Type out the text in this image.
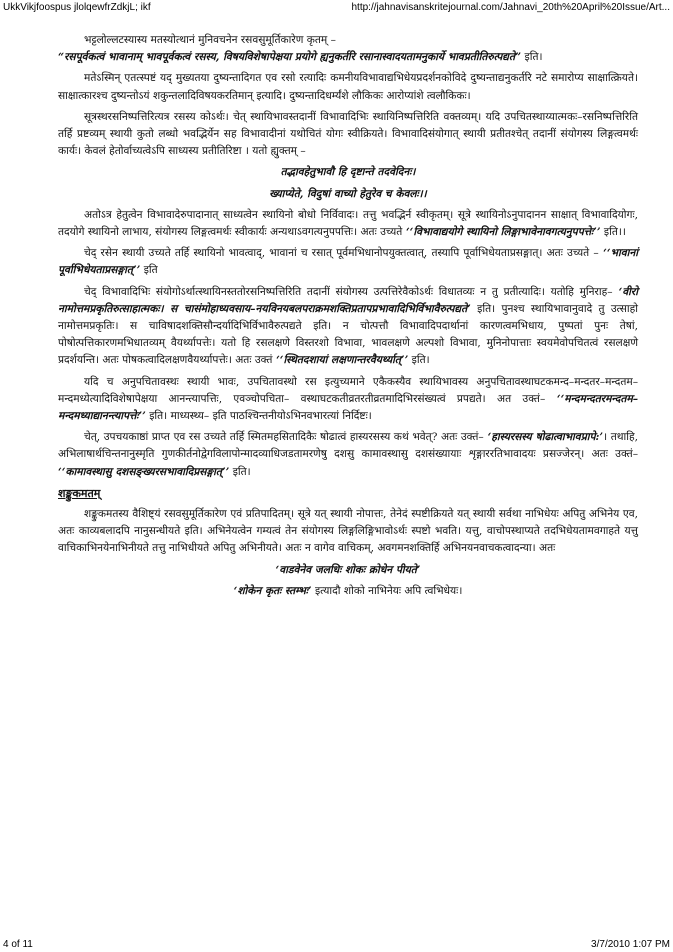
UkkVikjfoospus jlolqewfrZdkjL; ikf	http://jahnavisanskritejournal.com/Jahnavi_20th%20April%20Issue/Art...

भट्टलोल्लटस्यास्य मतस्योत्थानं मुनिवचनेन रसवसुमूर्तिकारेण कृतम् –
“रसपूर्वकत्वं भावानाम् भावपूर्वकत्वं रसस्य, विषयविशेषापेक्षया प्रयोगे ह्यनुकर्तरि रसानास्वादयतामनुकार्ये भावप्रतीतिरुत्पद्यते” इति।

मतेऽस्मिन् एतत्स्पष्टं यद् मुख्यतया दुष्यन्तादिगत एव रसो रत्यादिः कमनीयविभावाद्यभिधेयप्रदर्शनकोविदे दुष्यन्ताद्यनुकर्तरि नटे समारोप्य साक्षात्क्रियते। साक्षात्कारश्च दुष्यन्तोऽयं शकुन्तलादिविषयकरतिमान् इत्यादि। दुष्यन्तादिधर्म्यंशे लौकिकः आरोप्यांशे त्वलौकिकः।

सूत्रस्थरसनिष्पत्तिरित्यत्र रसस्य कोऽर्थः। चेत् स्थायिभावस्तदानीं विभावादिभिः स्थायिनिष्पत्तिरिति वक्तव्यम्। यदि उपचितस्थाय्यात्मकः–रसनिष्पत्तिरिति तर्हि प्रष्टव्यम् स्थायी कुतो लब्धो भवद्भिर्येन सह विभावादीनां यथोचितं योगः स्वीक्रियते। विभावादिसंयोगात् स्थायी प्रतीतश्चेत् तदानीं संयोगस्य लिङ्गत्वमर्थः कार्यः। केवलं हेतोर्वाच्यत्वेऽपि साध्यस्य प्रतीतिरिष्टा । यतो ह्युक्तम् –

तद्भावहेतुभावौ हि दृष्टान्ते तदवेदिनः।
ख्याप्येते, विदुषां वाच्यो हेतुरेव च केवलः।।

अतोऽत्र हेतुत्वेन विभावादेरुपादानात् साध्यत्वेन स्थायिनो बोधो निर्विवादः। तत्तु भवद्भिर्न स्वीकृतम्। सूत्रे स्थायिनोऽनुपादानन साक्षात् विभावादियोगः, तदयोगे स्थायिनो लाभाय, संयोगस्य लिङ्गत्वमर्थः स्वीकार्यः अन्यथाऽवगत्यनुपपत्तिः। अतः उच्यते ‘‘विभावाद्ययोगे स्थायिनो लिङ्गाभावेनावगत्यनुपपत्तेः’’ इति।।

चेद् रसेन स्थायी उच्यते तर्हि स्थायिनो भावत्वाद्, भावानां च रसात् पूर्वमभिधानोपयुक्तत्वात्, तस्यापि पूर्वाभिधेयताप्रसङ्गात्। अतः उच्यते – ‘‘भावानां पूर्वाभिधेयताप्रसङ्गात्’’ इति

चेद् विभावादिभिः संयोगोऽर्थात्स्थायिनस्ततोरसनिष्पत्तिरिति तदानीं संयोगस्य उत्पत्तिरेवैकोऽर्थः विधातव्यः न तु प्रतीत्यादिः। यतोहि मुनिराह– ‘वीरो नामोत्तमप्रकृतिरुत्साहात्मकः। स चासंमोहाध्यवसाय–नयविनयबलपराक्रमशक्तिप्रतापप्रभावादिभिर्विभावैरुत्पद्यते’ इति। पुनश्च स्थायिभावानुवादे तु उत्साहो नामोत्तमप्रकृतिः। स चाविषादशक्तिसौन्दर्यादिभिर्विभावैरुत्पद्यते इति। न चोत्पत्तौ विभावादिपदार्थानां कारणत्वमभिधाय, पुष्पतां पुनः तेषां, पोषोत्पत्तिकारणमभिधातव्यम् वैयर्थ्यापत्तेः। यतो हि रसलक्षणे विस्तरशो विभावा, भावलक्षणे अल्पशो विभावा, मुनिनोपात्ताः स्वयमेवोपचितत्वं रसलक्षणे प्रदर्शयन्ति। अतः पोषकत्वादिलक्षणवैयर्थ्यापत्तेः। अतः उक्तं ‘‘स्थितदशायां लक्षणान्तरवैयर्थ्यात्’’ इति।

यदि च अनुपचितावस्थः स्थायी भावः, उपचितावस्थो रस इत्युच्यमाने एकैकस्यैव स्थायिभावस्य अनुपचितावस्थाघटकमन्द–मन्दतर–मन्दतम–मन्दमध्येत्यादिविशेषापेक्षया आनन्त्यापत्तिः, एवञ्चोपचिता– वस्थाघटकतीव्रतरतीव्रतमादिभिरसंख्यत्वं प्रपद्यते। अत उक्तं– ‘‘मन्दमन्दतरमन्दतम– मन्दमध्याद्यानन्त्यापत्तेः’’ इति। माध्यस्थ्य– इति पाठश्चिन्तनीयोऽभिनवभारत्यां निर्दिष्टः।

चेत्, उपचयकाष्ठां प्राप्त एव रस उच्यते तर्हि स्मितमहसितादिकैः षोढात्वं हास्यरसस्य कथं भवेत्? अतः उक्तं– ‘हास्यरसस्य षोढात्वाभावप्रापे:’। तथाहि, अभिलाषार्थचिन्तनानुस्मृति गुणकीर्तनोद्वेगविलापोन्मादव्याधिजडतामरणेषु दशसु कामावस्थासु दशसंख्यायाः शृङ्गाररतिभावादयः प्रसज्जेरन्। अतः उक्तं– ‘‘कामावस्थासु दशसङ्ख्यरसभावादिप्रसङ्गात्’’ इति।

शङ्कुकमतम्

शङ्कुकमतस्य वैशिष्ट्यं रसवसुमूर्तिकारेण एवं प्रतिपादितम्। सूत्रे यत् स्थायी नोपात्तः, तेनेदं स्पष्टीक्रियते यत् स्थायी सर्वथा नाभिधेयः अपितु अभिनेय एव, अतः काव्यबलादपि नानुसन्धीयते इति। अभिनेयत्वेन गम्यत्वं तेन संयोगस्य लिङ्गलिङ्गिभावोऽर्थः स्पष्टो भवति। यत्तु, वाचोपस्थाप्यते तदभिधेयतामवगाहते यत्तु वाचिकाभिनयेनाभिनीयते तत्तु नाभिधीयते अपितु अभिनीयते। अतः न वागेव वाचिकम्, अवगमनशक्तिर्हि अभिनयनवाचकत्वादन्या। अतः

‘वाडवेनेव जलधिः शोकः क्रोधेन पीयते’
‘शोकेन कृतः स्तम्भः’ इत्यादौ शोको नाभिनेयः अपि त्वभिधेयः।
4 of 11	3/7/2010 1:07 PM
